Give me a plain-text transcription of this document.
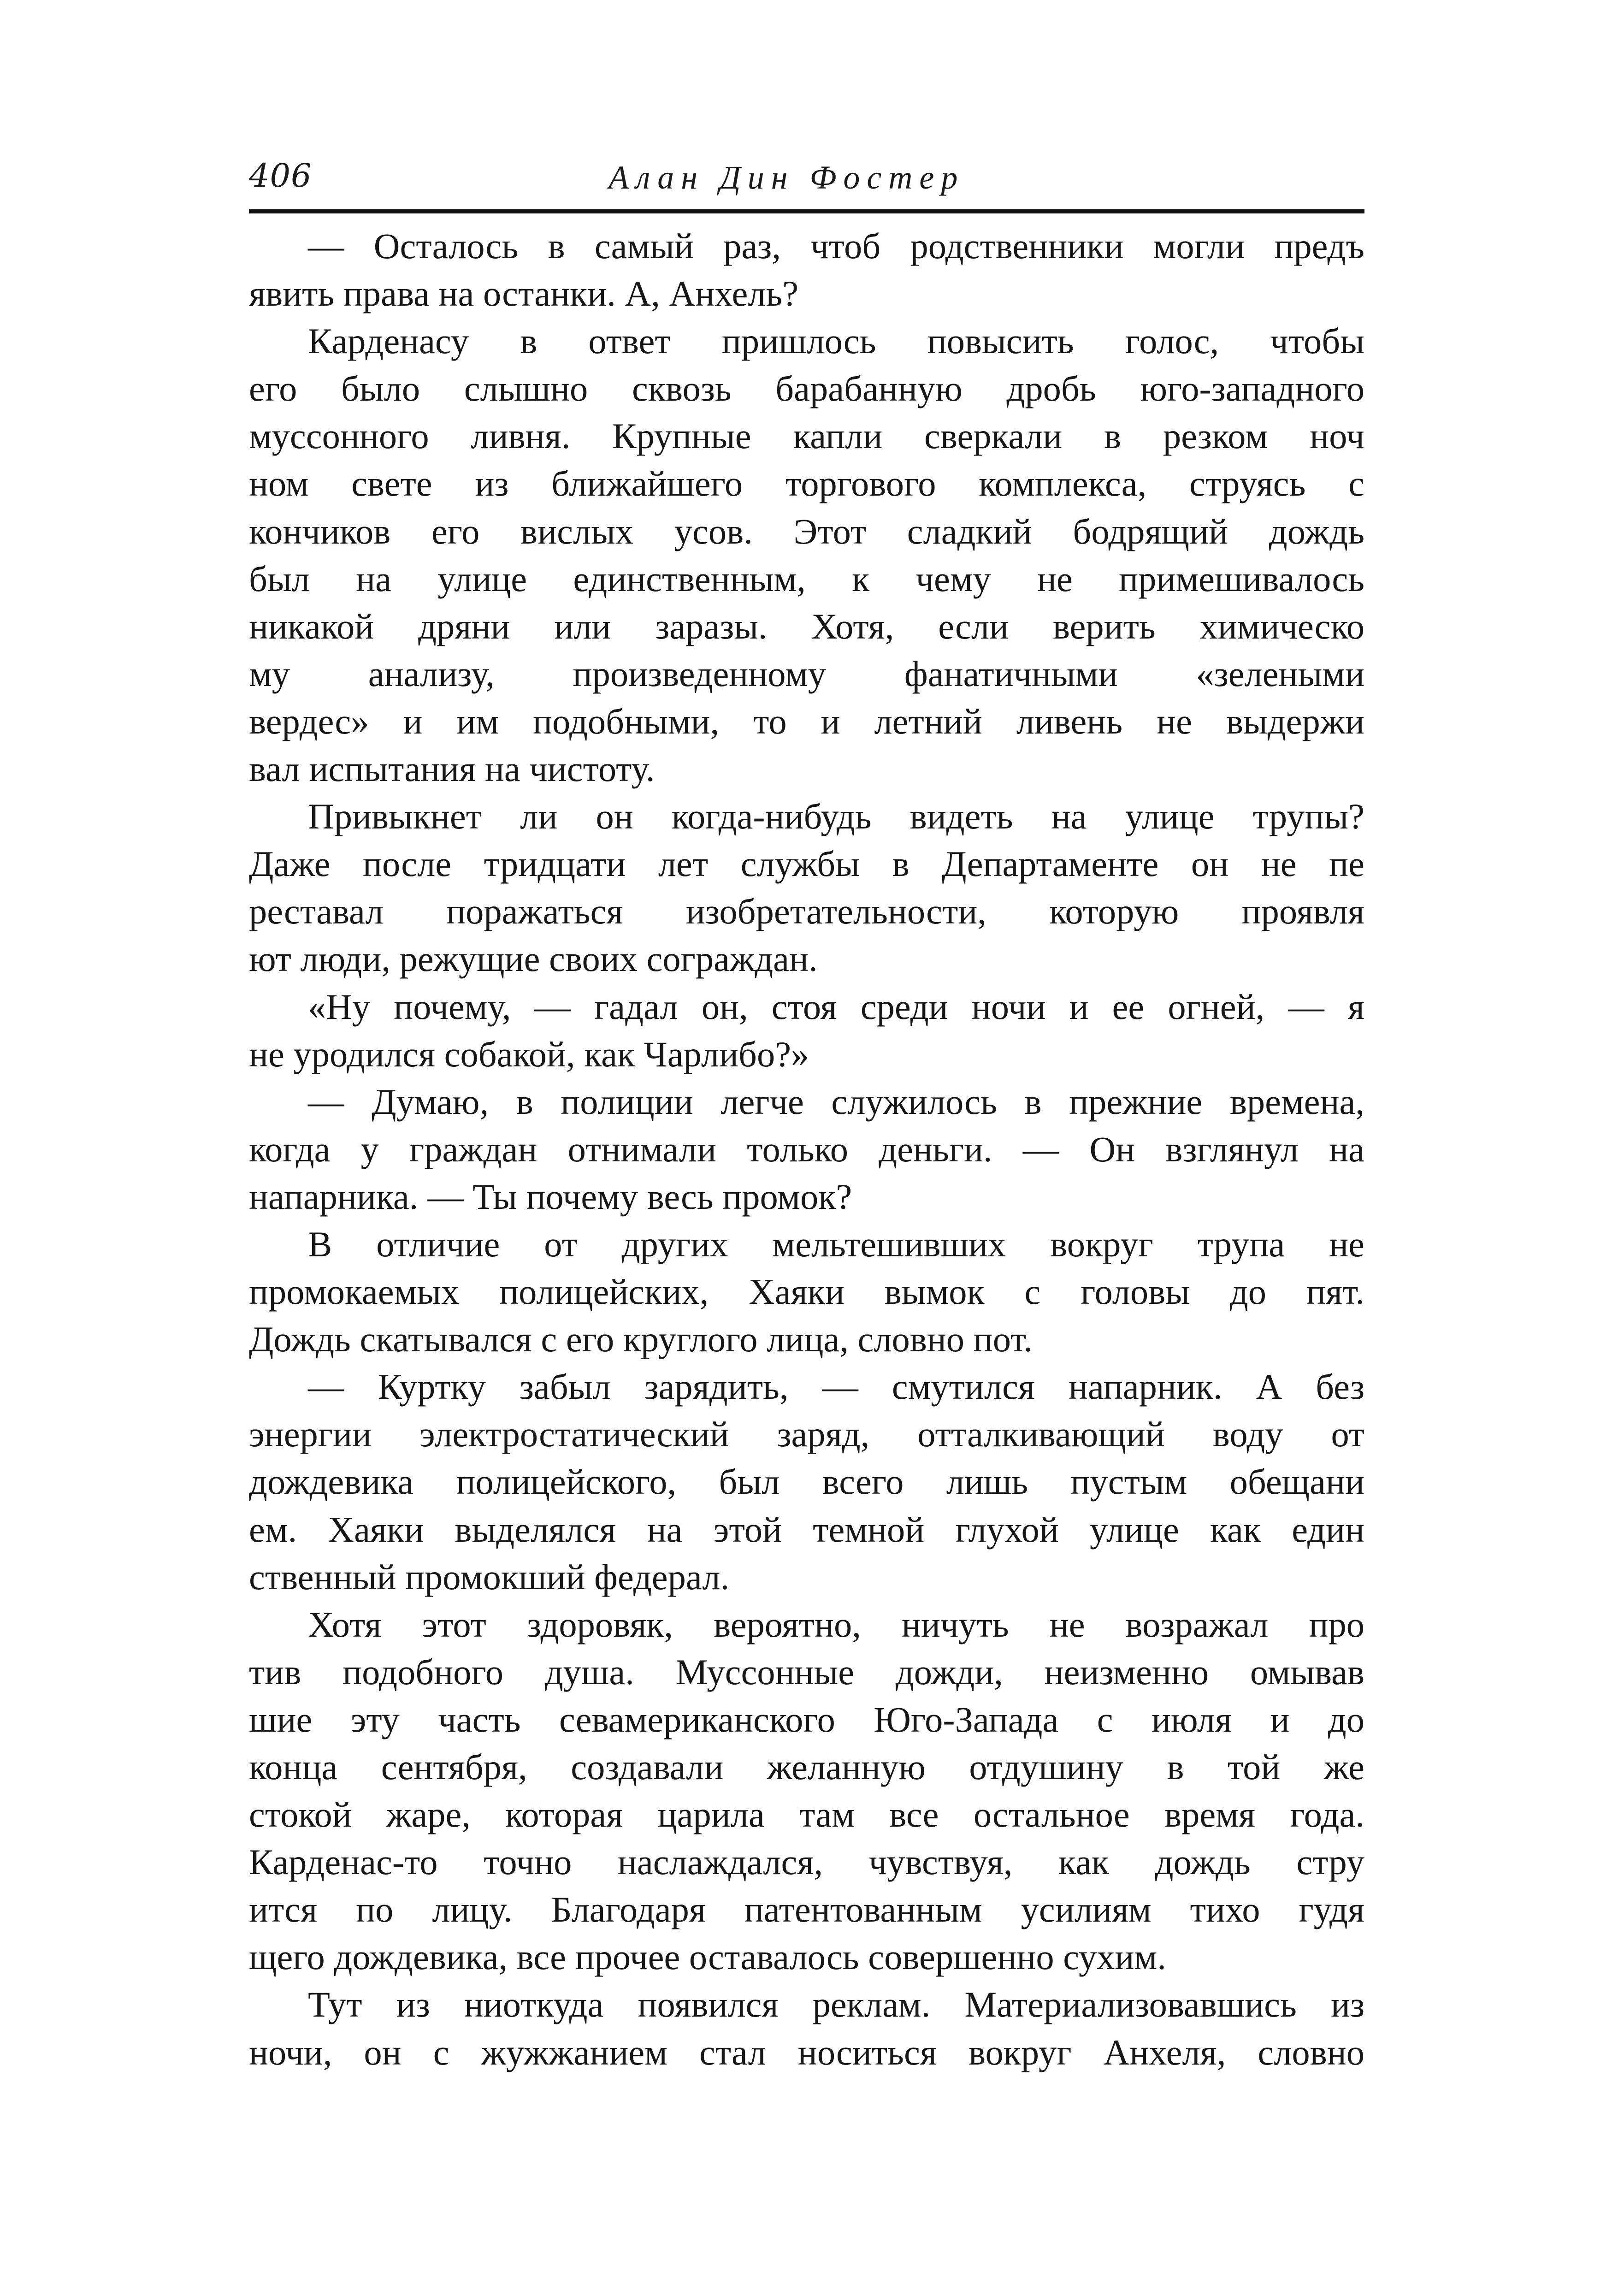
406	Алан Дин Фостер
— Осталось в самый раз, чтоб родственники могли предъ
явить права на останки. А, Анхель?
Карденасу в ответ пришлось повысить голос, чтобы
его было слышно сквозь барабанную дробь юго-западного
муссонного ливня. Крупные капли сверкали в резком ноч
ном свете из ближайшего торгового комплекса, струясь с
кончиков его вислых усов. Этот сладкий бодрящий дождь
был на улице единственным, к чему не примешивалось
никакой дряни или заразы. Хотя, если верить химическо
му анализу, произведенному фанатичными «зелеными
вердес» и им подобными, то и летний ливень не выдержи
вал испытания на чистоту.
Привыкнет ли он когда-нибудь видеть на улице трупы?
Даже после тридцати лет службы в Департаменте он не пе
реставал поражаться изобретательности, которую проявля
ют люди, режущие своих сограждан.
«Ну почему, — гадал он, стоя среди ночи и ее огней, — я
не уродился собакой, как Чарлибо?»
— Думаю, в полиции легче служилось в прежние времена,
когда у граждан отнимали только деньги. — Он взглянул на
напарника. — Ты почему весь промок?
В отличие от других мельтешивших вокруг трупа не
промокаемых полицейских, Хаяки вымок с головы до пят.
Дождь скатывался с его круглого лица, словно пот.
— Куртку забыл зарядить, — смутился напарник. А без
энергии электростатический заряд, отталкивающий воду от
дождевика полицейского, был всего лишь пустым обещани
ем. Хаяки выделялся на этой темной глухой улице как един
ственный промокший федерал.
Хотя этот здоровяк, вероятно, ничуть не возражал про
тив подобного душа. Муссонные дожди, неизменно омывав
шие эту часть севамериканского Юго-Запада с июля и до
конца сентября, создавали желанную отдушину в той же
стокой жаре, которая царила там все остальное время года.
Карденас-то точно наслаждался, чувствуя, как дождь стру
ится по лицу. Благодаря патентованным усилиям тихо гудя
щего дождевика, все прочее оставалось совершенно сухим.
Тут из ниоткуда появился реклам. Материализовавшись из
ночи, он с жужжанием стал носиться вокруг Анхеля, словно
